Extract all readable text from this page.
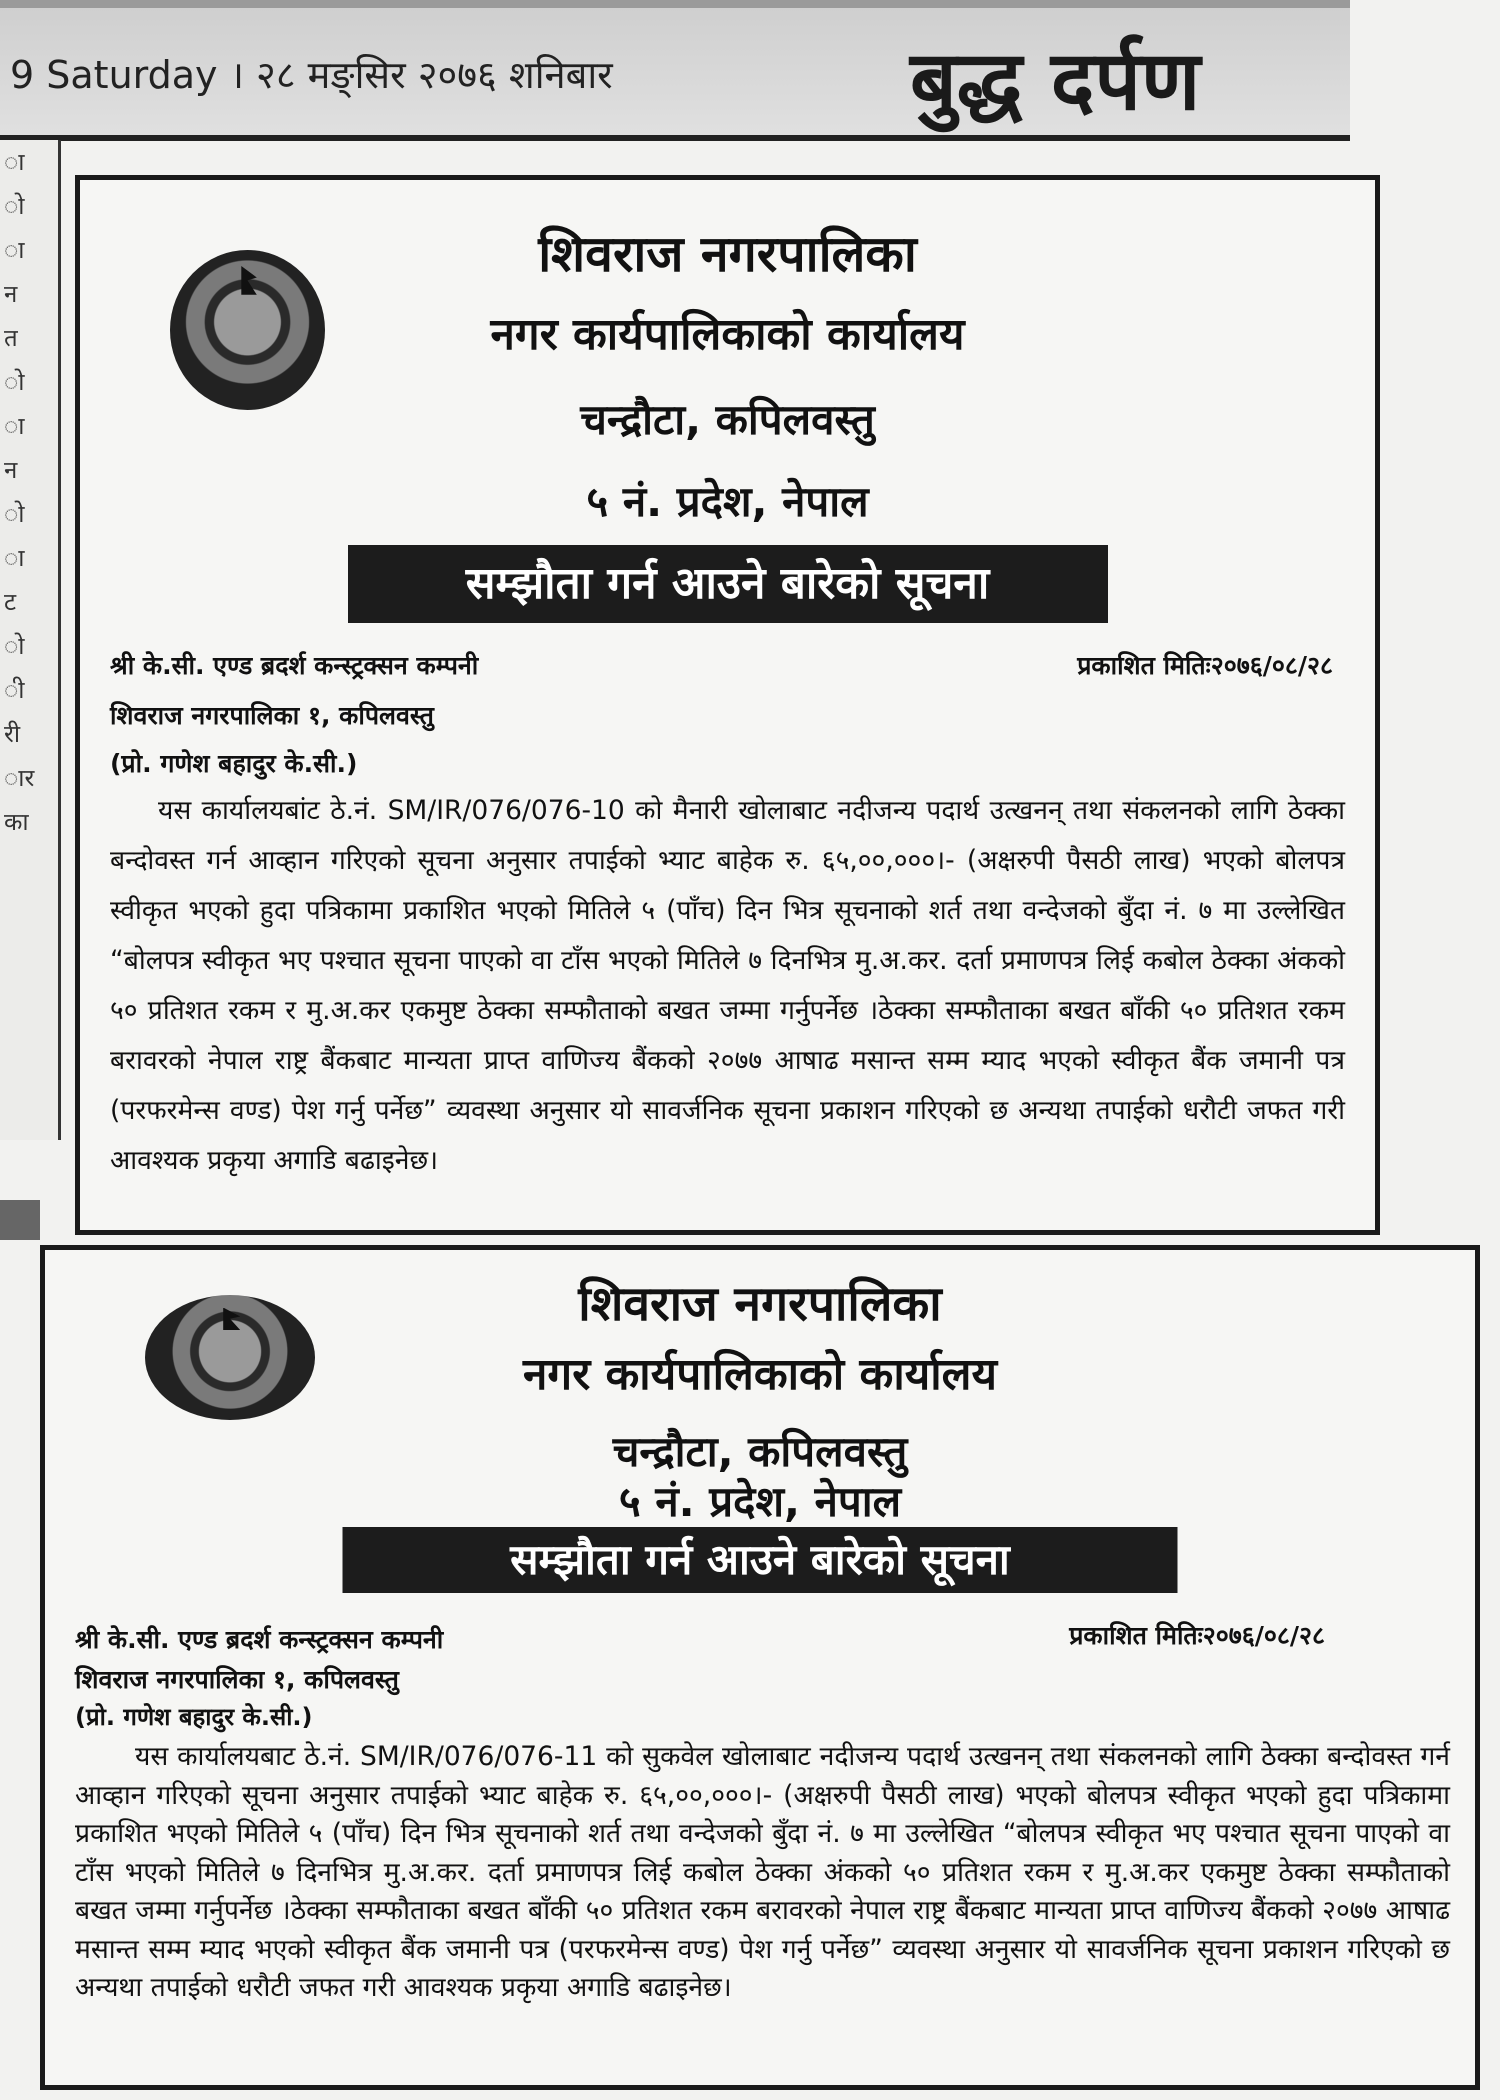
9 Saturday । २८ मङ्सिर २०७६ शनिबार	बुद्ध दर्पण
ा
ो
ा
न
त
ो
ा
न
ो
ा
ट
ो
ी
री
ार
का
शिवराज नगरपालिका
नगर कार्यपालिकाको कार्यालय
चन्द्रौटा, कपिलवस्तु
५ नं. प्रदेश, नेपाल
सम्झौता गर्न आउने बारेको सूचना
प्रकाशित मितिः२०७६/०८/२८
श्री के.सी. एण्ड ब्रदर्श कन्स्ट्रक्सन कम्पनी
शिवराज नगरपालिका १, कपिलवस्तु
(प्रो. गणेश बहादुर के.सी.)
यस कार्यालयबांट ठे.नं. SM/IR/076/076-10 को मैनारी खोलाबाट नदीजन्य पदार्थ उत्खनन् तथा संकलनको लागि ठेक्का बन्दोवस्त गर्न आव्हान गरिएको सूचना अनुसार तपाईको भ्याट बाहेक रु. ६५,००,०००।- (अक्षरुपी पैसठी लाख) भएको बोलपत्र स्वीकृत भएको हुदा पत्रिकामा प्रकाशित भएको मितिले ५ (पाँच) दिन भित्र सूचनाको शर्त तथा वन्देजको बुँदा नं. ७ मा उल्लेखित “बोलपत्र स्वीकृत भए पश्चात सूचना पाएको वा टाँस भएको मितिले ७ दिनभित्र मु.अ.कर. दर्ता प्रमाणपत्र लिई कबोल ठेक्का अंकको ५० प्रतिशत रकम र मु.अ.कर एकमुष्ट ठेक्का सम्फौताको बखत जम्मा गर्नुपर्नेछ ।ठेक्का सम्फौताका बखत बाँकी ५० प्रतिशत रकम बरावरको नेपाल राष्ट्र बैंकबाट मान्यता प्राप्त वाणिज्य बैंकको २०७७ आषाढ मसान्त सम्म म्याद भएको स्वीकृत बैंक जमानी पत्र (परफरमेन्स वण्ड) पेश गर्नु पर्नेछ” व्यवस्था अनुसार यो सावर्जनिक सूचना प्रकाशन गरिएको छ अन्यथा तपाईको धरौटी जफत गरी आवश्यक प्रकृया अगाडि बढाइनेछ।
शिवराज नगरपालिका
नगर कार्यपालिकाको कार्यालय
चन्द्रौटा, कपिलवस्तु
५ नं. प्रदेश, नेपाल
सम्झौता गर्न आउने बारेको सूचना
प्रकाशित मितिः२०७६/०८/२८
श्री के.सी. एण्ड ब्रदर्श कन्स्ट्रक्सन कम्पनी
शिवराज नगरपालिका १, कपिलवस्तु
(प्रो. गणेश बहादुर के.सी.)
यस कार्यालयबाट ठे.नं. SM/IR/076/076-11 को सुकवेल खोलाबाट नदीजन्य पदार्थ उत्खनन् तथा संकलनको लागि ठेक्का बन्दोवस्त गर्न आव्हान गरिएको सूचना अनुसार तपाईको भ्याट बाहेक रु. ६५,००,०००।- (अक्षरुपी पैसठी लाख) भएको बोलपत्र स्वीकृत भएको हुदा पत्रिकामा प्रकाशित भएको मितिले ५ (पाँच) दिन भित्र सूचनाको शर्त तथा वन्देजको बुँदा नं. ७ मा उल्लेखित “बोलपत्र स्वीकृत भए पश्चात सूचना पाएको वा टाँस भएको मितिले ७ दिनभित्र मु.अ.कर. दर्ता प्रमाणपत्र लिई कबोल ठेक्का अंकको ५० प्रतिशत रकम र मु.अ.कर एकमुष्ट ठेक्का सम्फौताको बखत जम्मा गर्नुपर्नेछ ।ठेक्का सम्फौताका बखत बाँकी ५० प्रतिशत रकम बरावरको नेपाल राष्ट्र बैंकबाट मान्यता प्राप्त वाणिज्य बैंकको २०७७ आषाढ मसान्त सम्म म्याद भएको स्वीकृत बैंक जमानी पत्र (परफरमेन्स वण्ड) पेश गर्नु पर्नेछ” व्यवस्था अनुसार यो सावर्जनिक सूचना प्रकाशन गरिएको छ अन्यथा तपाईको धरौटी जफत गरी आवश्यक प्रकृया अगाडि बढाइनेछ।
